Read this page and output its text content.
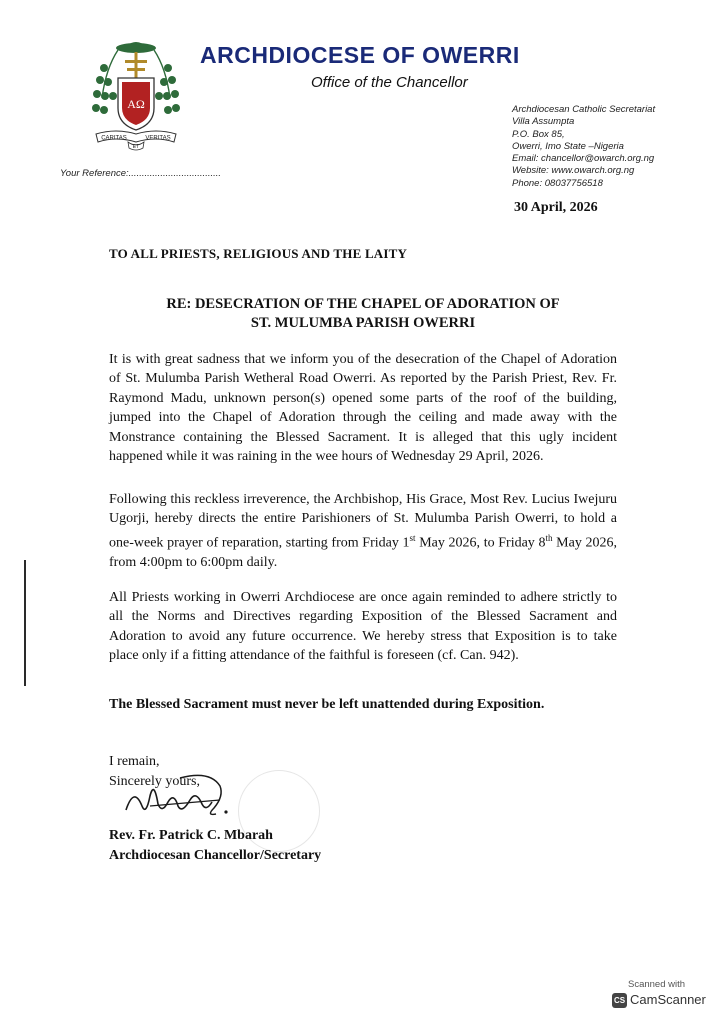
AΩ
CARITAS	VERITAS
ET
ARCHDIOCESE OF OWERRI
Office of the Chancellor
Archdiocesan Catholic Secretariat
Villa Assumpta
P.O. Box 85,
Owerri, Imo State –Nigeria
Email: chancellor@owarch.org.ng
Website: www.owarch.org.ng
Phone: 08037756518
Your Reference:...................................
30 April, 2026
TO ALL PRIESTS, RELIGIOUS AND THE LAITY
RE: DESECRATION OF THE CHAPEL OF ADORATION OF
ST. MULUMBA PARISH OWERRI
It is with great sadness that we inform you of the desecration of the Chapel of Adoration of St. Mulumba Parish Wetheral Road Owerri. As reported by the Parish Priest, Rev. Fr. Raymond Madu, unknown person(s) opened some parts of the roof of the building, jumped into the Chapel of Adoration through the ceiling and made away with the Monstrance containing the Blessed Sacrament. It is alleged that this ugly incident happened while it was raining in the wee hours of Wednesday 29 April, 2026.
Following this reckless irreverence, the Archbishop, His Grace, Most Rev. Lucius Iwejuru Ugorji, hereby directs the entire Parishioners of St. Mulumba Parish Owerri, to hold a one-week prayer of reparation, starting from Friday 1st May 2026, to Friday 8th May 2026, from 4:00pm to 6:00pm daily.
All Priests working in Owerri Archdiocese are once again reminded to adhere strictly to all the Norms and Directives regarding Exposition of the Blessed Sacrament and Adoration to avoid any future occurrence. We hereby stress that Exposition is to take place only if a fitting attendance of the faithful is foreseen (cf. Can. 942).
The Blessed Sacrament must never be left unattended during Exposition.
I remain,
Sincerely yours,
Rev. Fr. Patrick C. Mbarah
Archdiocesan Chancellor/Secretary
Scanned with
CS CamScanner
